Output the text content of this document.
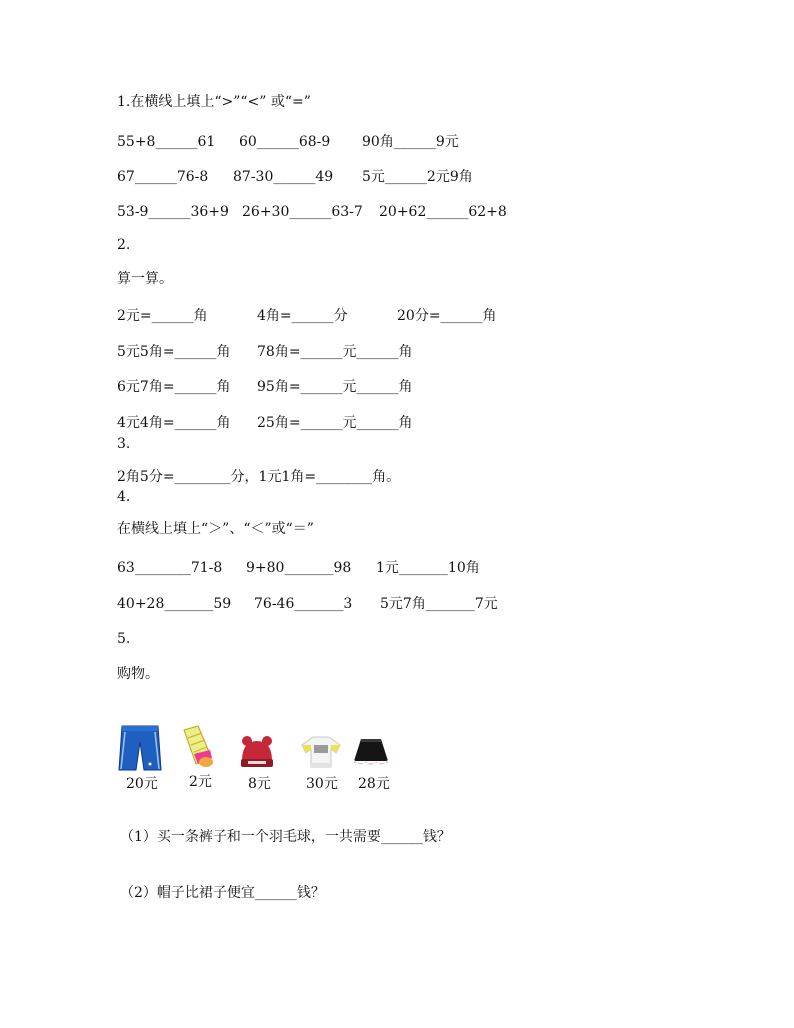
1.在横线上填上“>”“<” 或“=”
55+8______61 60______68-9 90角______9元
67______76-8 87-30______49 5元______2元9角
53-9______36+9 26+30______63-7 20+62______62+8
2.
算一算。
2元=______角	4角=______分	20分=______角
5元5角=______角 78角=______元______角
6元7角=______角 95角=______元______角
4元4角=______角 25角=______元______角
3.
2角5分=________分，1元1角=________角。
4.
在横线上填上“＞”、“＜”或“＝”
63________71-8 9+80_______98 1元_______10角
40+28_______59 76-46_______3 5元7角_______7元
5.
购物。
20元 2元	8元	30元 28元
（1）买一条裤子和一个羽毛球，一共需要______钱？
（2）帽子比裙子便宜______钱？
